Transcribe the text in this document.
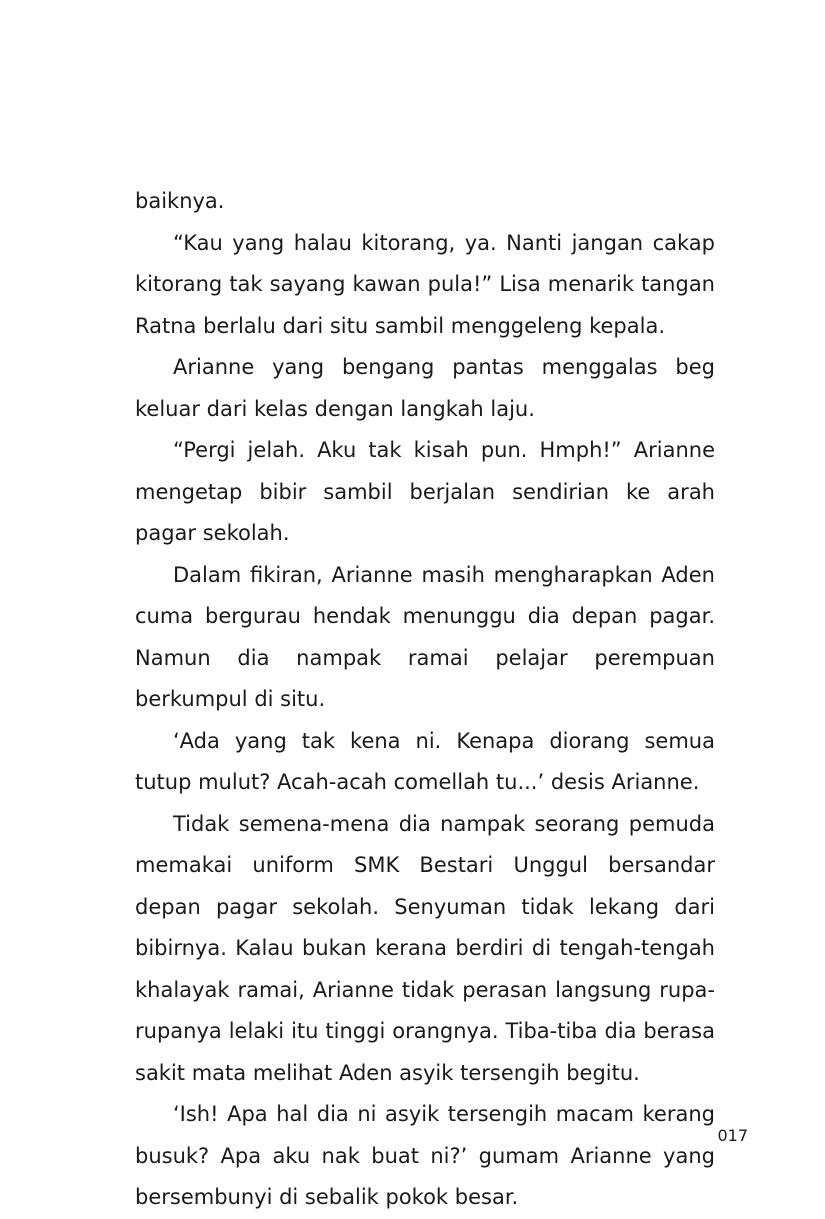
baiknya.

“Kau yang halau kitorang, ya. Nanti jangan cakap kitorang tak sayang kawan pula!” Lisa menarik tangan Ratna berlalu dari situ sambil menggeleng kepala.

Arianne yang bengang pantas menggalas beg keluar dari kelas dengan langkah laju.

“Pergi jelah. Aku tak kisah pun. Hmph!” Arianne mengetap bibir sambil berjalan sendirian ke arah pagar sekolah.

Dalam fikiran, Arianne masih mengharapkan Aden cuma bergurau hendak menunggu dia depan pagar. Namun dia nampak ramai pelajar perempuan berkumpul di situ.

‘Ada yang tak kena ni. Kenapa diorang semua tutup mulut? Acah-acah comellah tu...’ desis Arianne.

Tidak semena-mena dia nampak seorang pemuda memakai uniform SMK Bestari Unggul bersandar depan pagar sekolah. Senyuman tidak lekang dari bibirnya. Kalau bukan kerana berdiri di tengah-tengah khalayak ramai, Arianne tidak perasan langsung rupa-rupanya lelaki itu tinggi orangnya. Tiba-tiba dia berasa sakit mata melihat Aden asyik tersengih begitu.

‘Ish! Apa hal dia ni asyik tersengih macam kerang busuk? Apa aku nak buat ni?’ gumam Arianne yang bersembunyi di sebalik pokok besar.

017
